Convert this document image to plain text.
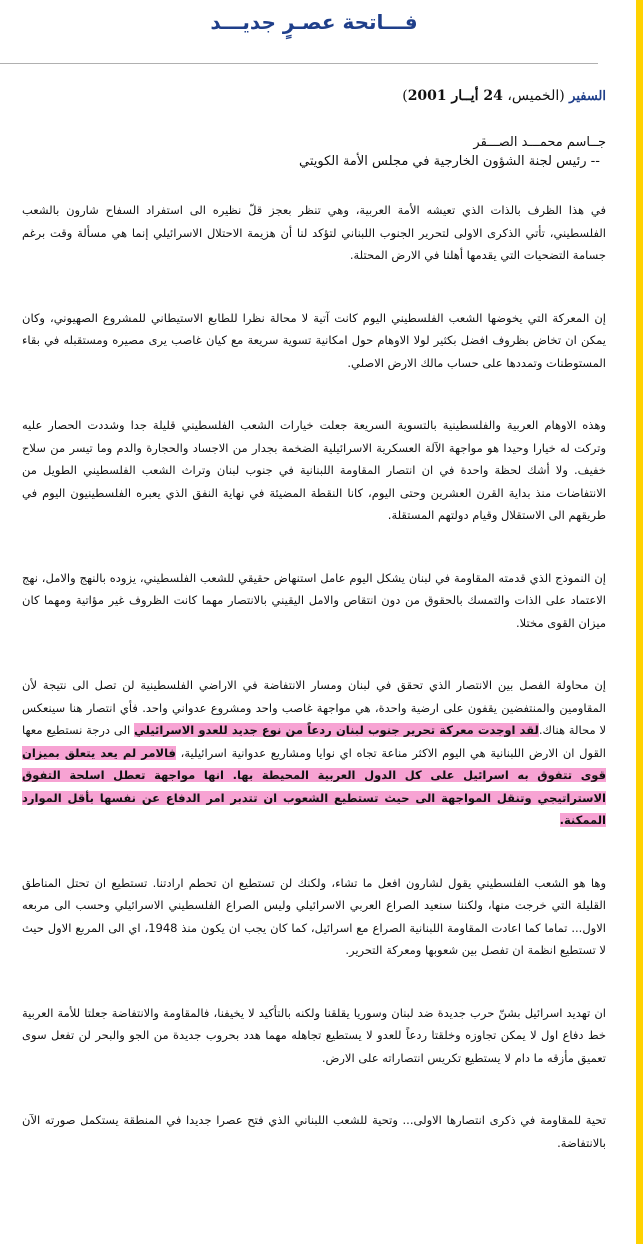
فـــاتحة عصـرٍ جديـــد
السفير (الخميس، 24 أيــار 2001)
جــاسم محمـــد الصـــقر
-- رئيس لجنة الشؤون الخارجية في مجلس الأمة الكويتي

في هذا الظرف بالذات الذي تعيشه الأمة العربية، وهي تنظر بعجز قلّ نظيره الى استفراد السفاح شارون بالشعب الفلسطيني، تأتي الذكرى الاولى لتحرير الجنوب اللبناني لتؤكد لنا أن هزيمة الاحتلال الاسرائيلي إنما هي مسألة وقت برغم جسامة التضحيات التي يقدمها أهلنا في الارض المحتلة.

إن المعركة التي يخوضها الشعب الفلسطيني اليوم كانت آتية لا محالة نظرا للطابع الاستيطاني للمشروع الصهيوني، وكان يمكن ان تخاض بظروف افضل بكثير لولا الاوهام حول امكانية تسوية سريعة مع كيان غاصب يرى مصيره ومستقبله في بقاء المستوطنات وتمددها على حساب مالك الارض الاصلي.

وهذه الاوهام العربية والفلسطينية بالتسوية السريعة جعلت خيارات الشعب الفلسطيني قليلة جدا وشددت الحصار عليه وتركت له خيارا وحيدا هو مواجهة الآلة العسكرية الاسرائيلية الضخمة بجدار من الاجساد والحجارة والدم وما تيسر من سلاح خفيف. ولا أشك لحظة واحدة في ان انتصار المقاومة اللبنانية في جنوب لبنان وتراث الشعب الفلسطيني الطويل من الانتفاضات منذ بداية القرن العشرين وحتى اليوم، كانا النقطة المضيئة في نهاية النفق الذي يعبره الفلسطينيون اليوم في طريقهم الى الاستقلال وقيام دولتهم المستقلة.

إن النموذج الذي قدمته المقاومة في لبنان يشكل اليوم عامل استنهاض حقيقي للشعب الفلسطيني، يزوده بالنهج والامل، نهج الاعتماد على الذات والتمسك بالحقوق من دون انتقاص والامل اليقيني بالانتصار مهما كانت الظروف غير مؤاتية ومهما كان ميزان القوى مختلا.

إن محاولة الفصل بين الانتصار الذي تحقق في لبنان ومسار الانتفاضة في الاراضي الفلسطينية لن تصل الى نتيجة لأن المقاومين والمنتفضين يقفون على ارضية واحدة، هي مواجهة غاصب واحد ومشروع عدواني واحد. فأي انتصار هنا سينعكس لا محالة هناك.لقد اوجدت معركة تحرير جنوب لبنان ردعاً من نوع جديد للعدو الاسرائيلي الى درجة نستطيع معها القول ان الارض اللبنانية هي اليوم الاكثر مناعة تجاه اي نوايا ومشاريع عدوانية اسرائيلية، فالامر لم يعد يتعلق بميزان قوى تتفوق به اسرائيل على كل الدول العربية المحيطة بها. انها مواجهة تعطل اسلحة التفوق الاستراتيجي وتنقل المواجهة الى حيث تستطيع الشعوب ان تتدبر امر الدفاع عن نفسها بأقل الموارد الممكنة.

وها هو الشعب الفلسطيني يقول لشارون افعل ما تشاء، ولكنك لن تستطيع ان تحطم ارادتنا. تستطيع ان تحتل المناطق القليلة التي خرجت منها، ولكننا سنعيد الصراع العربي الاسرائيلي وليس الصراع الفلسطيني الاسرائيلي وحسب الى مربعه الاول... تماما كما اعادت المقاومة اللبنانية الصراع مع اسرائيل، كما كان يجب ان يكون منذ 1948، اي الى المربع الاول حيث لا تستطيع انظمة ان تفصل بين شعوبها ومعركة التحرير.

ان تهديد اسرائيل بشنّ حرب جديدة ضد لبنان وسوريا يقلقنا ولكنه بالتأكيد لا يخيفنا، فالمقاومة والانتفاضة جعلتا للأمة العربية خط دفاع اول لا يمكن تجاوزه وخلقتا ردعاً للعدو لا يستطيع تجاهله مهما هدد بحروب جديدة من الجو والبحر لن تفعل سوى تعميق مأزقه ما دام لا يستطيع تكريس انتصاراته على الارض.

تحية للمقاومة في ذكرى انتصارها الاولى... وتحية للشعب اللبناني الذي فتح عصرا جديدا في المنطقة يستكمل صورته الآن بالانتفاضة.
